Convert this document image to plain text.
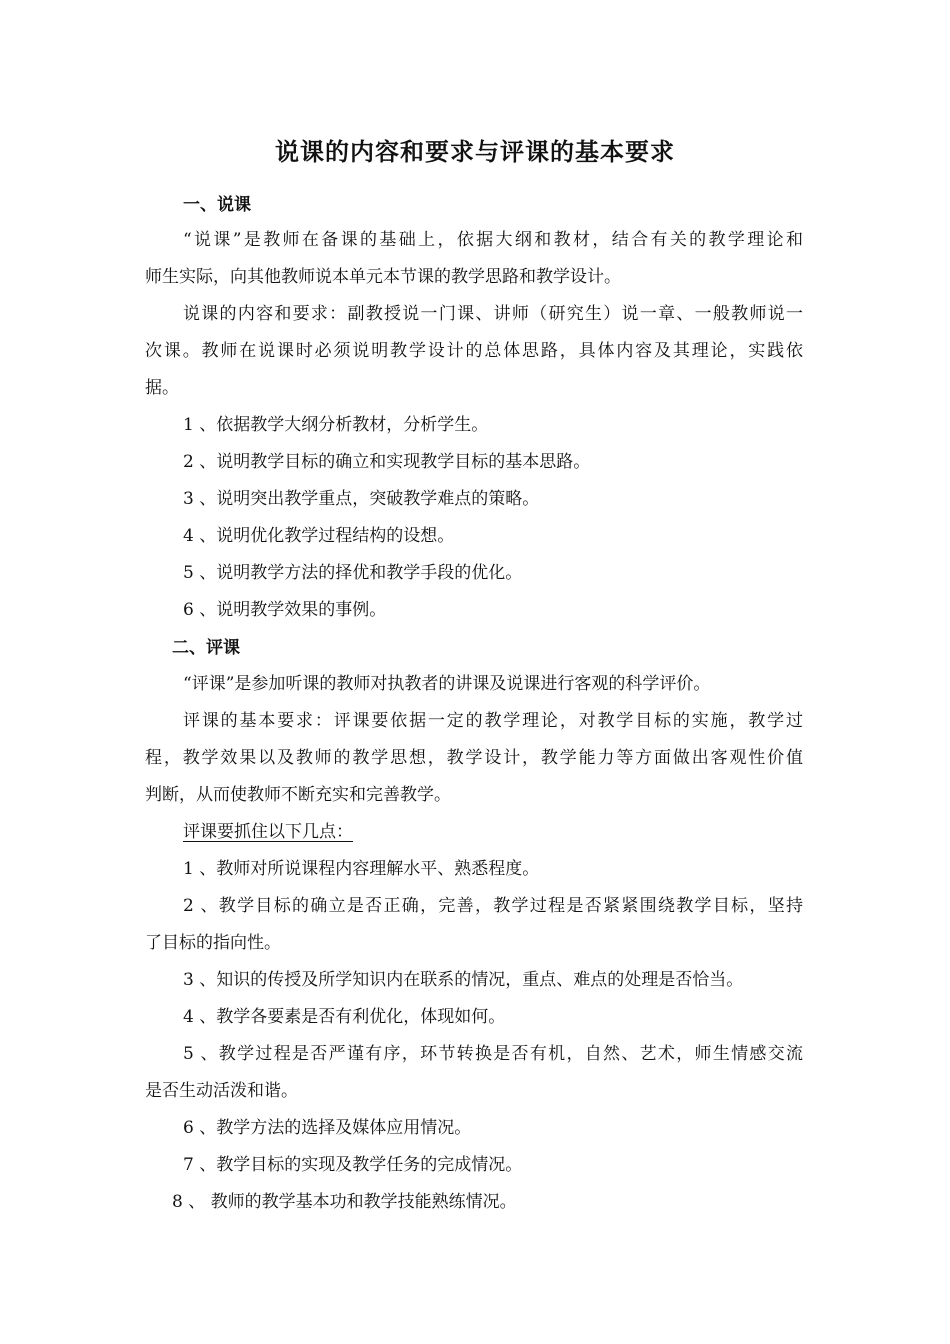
说课的内容和要求与评课的基本要求
一、说课
“说课”是教师在备课的基础上，依据大纲和教材，结合有关的教学理论和
师生实际，向其他教师说本单元本节课的教学思路和教学设计。
说课的内容和要求：副教授说一门课、讲师（研究生）说一章、一般教师说一
次课。教师在说课时必须说明教学设计的总体思路，具体内容及其理论，实践依
据。
1 、依据教学大纲分析教材，分析学生。
2 、说明教学目标的确立和实现教学目标的基本思路。
3 、说明突出教学重点，突破教学难点的策略。
4 、说明优化教学过程结构的设想。
5 、说明教学方法的择优和教学手段的优化。
6 、说明教学效果的事例。
二、评课
“评课”是参加听课的教师对执教者的讲课及说课进行客观的科学评价。
评课的基本要求：评课要依据一定的教学理论，对教学目标的实施，教学过
程，教学效果以及教师的教学思想，教学设计，教学能力等方面做出客观性价值
判断，从而使教师不断充实和完善教学。
评课要抓住以下几点：
1 、教师对所说课程内容理解水平、熟悉程度。
2 、教学目标的确立是否正确，完善，教学过程是否紧紧围绕教学目标，坚持
了目标的指向性。
3 、知识的传授及所学知识内在联系的情况，重点、难点的处理是否恰当。
4 、教学各要素是否有利优化，体现如何。
5 、教学过程是否严谨有序，环节转换是否有机，自然、艺术，师生情感交流
是否生动活泼和谐。
6 、教学方法的选择及媒体应用情况。
7 、教学目标的实现及教学任务的完成情况。
8 、 教师的教学基本功和教学技能熟练情况。
